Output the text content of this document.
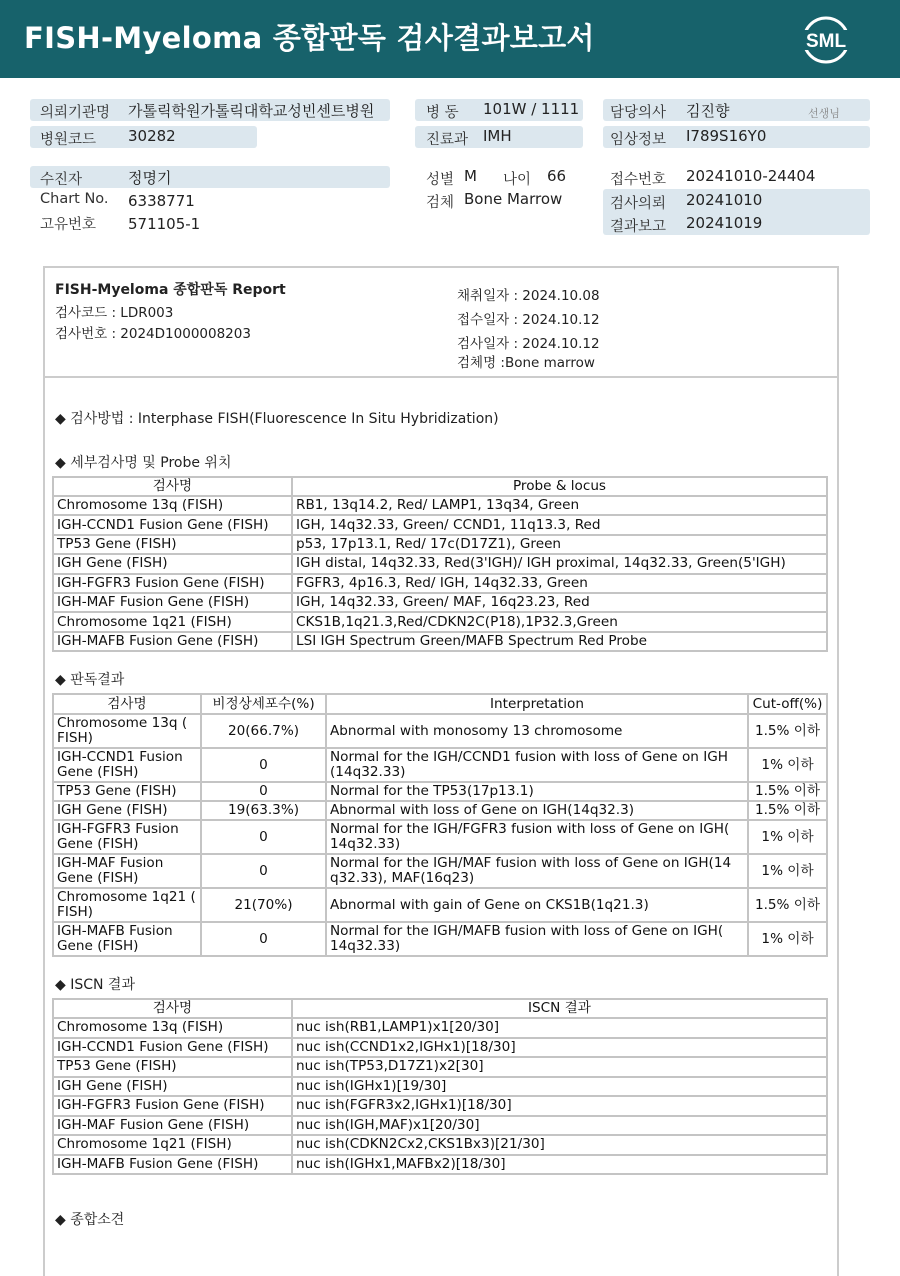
FISH-Myeloma 종합판독 검사결과보고서	SML
의뢰기관명 가톨릭학원가톨릭대학교성빈센트병원	병 동 101W / 1111 담당의사 김진향	선생님
병원코드 30282	진료과 IMH	임상정보 I789S16Y0
수진자	정명기	성별 M 나이 66	접수번호 20241010-24404
Chart No. 6338771	검체 Bone Marrow	검사의뢰 20241010
고유번호 571105-1	결과보고 20241019
FISH-Myeloma 종합판독 Report
검사코드 : LDR003
검사번호 : 2024D1000008203
채취일자 : 2024.10.08
접수일자 : 2024.10.12
검사일자 : 2024.10.12
검체명 :Bone marrow
◆ 검사방법 : Interphase FISH(Fluorescence In Situ Hybridization)
◆ 세부검사명 및 Probe 위치
검사명	Probe & locus
Chromosome 13q (FISH)	RB1, 13q14.2, Red/ LAMP1, 13q34, Green
IGH-CCND1 Fusion Gene (FISH)	IGH, 14q32.33, Green/ CCND1, 11q13.3, Red
TP53 Gene (FISH)	p53, 17p13.1, Red/ 17c(D17Z1), Green
IGH Gene (FISH)	IGH distal, 14q32.33, Red(3'IGH)/ IGH proximal, 14q32.33, Green(5'IGH)
IGH-FGFR3 Fusion Gene (FISH)	FGFR3, 4p16.3, Red/ IGH, 14q32.33, Green
IGH-MAF Fusion Gene (FISH)	IGH, 14q32.33, Green/ MAF, 16q23.23, Red
Chromosome 1q21 (FISH)	CKS1B,1q21.3,Red/CDKN2C(P18),1P32.3,Green
IGH-MAFB Fusion Gene (FISH)	LSI IGH Spectrum Green/MAFB Spectrum Red Probe
◆ 판독결과
검사명	비정상세포수(%)	Interpretation	Cut-off(%)
Chromosome 13q ( FISH)	20(66.7%)	Abnormal with monosomy 13 chromosome	1.5% 이하
IGH-CCND1 Fusion Gene (FISH)	0	Normal for the IGH/CCND1 fusion with loss of Gene on IGH (14q32.33)	1% 이하
TP53 Gene (FISH)	0	Normal for the TP53(17p13.1)	1.5% 이하
IGH Gene (FISH)	19(63.3%)	Abnormal with loss of Gene on IGH(14q32.3)	1.5% 이하
IGH-FGFR3 Fusion Gene (FISH)	0	Normal for the IGH/FGFR3 fusion with loss of Gene on IGH( 14q32.33)	1% 이하
IGH-MAF Fusion Gene (FISH)	0	Normal for the IGH/MAF fusion with loss of Gene on IGH(14 q32.33), MAF(16q23)	1% 이하
Chromosome 1q21 ( FISH)	21(70%)	Abnormal with gain of Gene on CKS1B(1q21.3)	1.5% 이하
IGH-MAFB Fusion Gene (FISH)	0	Normal for the IGH/MAFB fusion with loss of Gene on IGH( 14q32.33)	1% 이하
◆ ISCN 결과
검사명	ISCN 결과
Chromosome 13q (FISH)	nuc ish(RB1,LAMP1)x1[20/30]
IGH-CCND1 Fusion Gene (FISH)	nuc ish(CCND1x2,IGHx1)[18/30]
TP53 Gene (FISH)	nuc ish(TP53,D17Z1)x2[30]
IGH Gene (FISH)	nuc ish(IGHx1)[19/30]
IGH-FGFR3 Fusion Gene (FISH)	nuc ish(FGFR3x2,IGHx1)[18/30]
IGH-MAF Fusion Gene (FISH)	nuc ish(IGH,MAF)x1[20/30]
Chromosome 1q21 (FISH)	nuc ish(CDKN2Cx2,CKS1Bx3)[21/30]
IGH-MAFB Fusion Gene (FISH)	nuc ish(IGHx1,MAFBx2)[18/30]
◆ 종합소견
